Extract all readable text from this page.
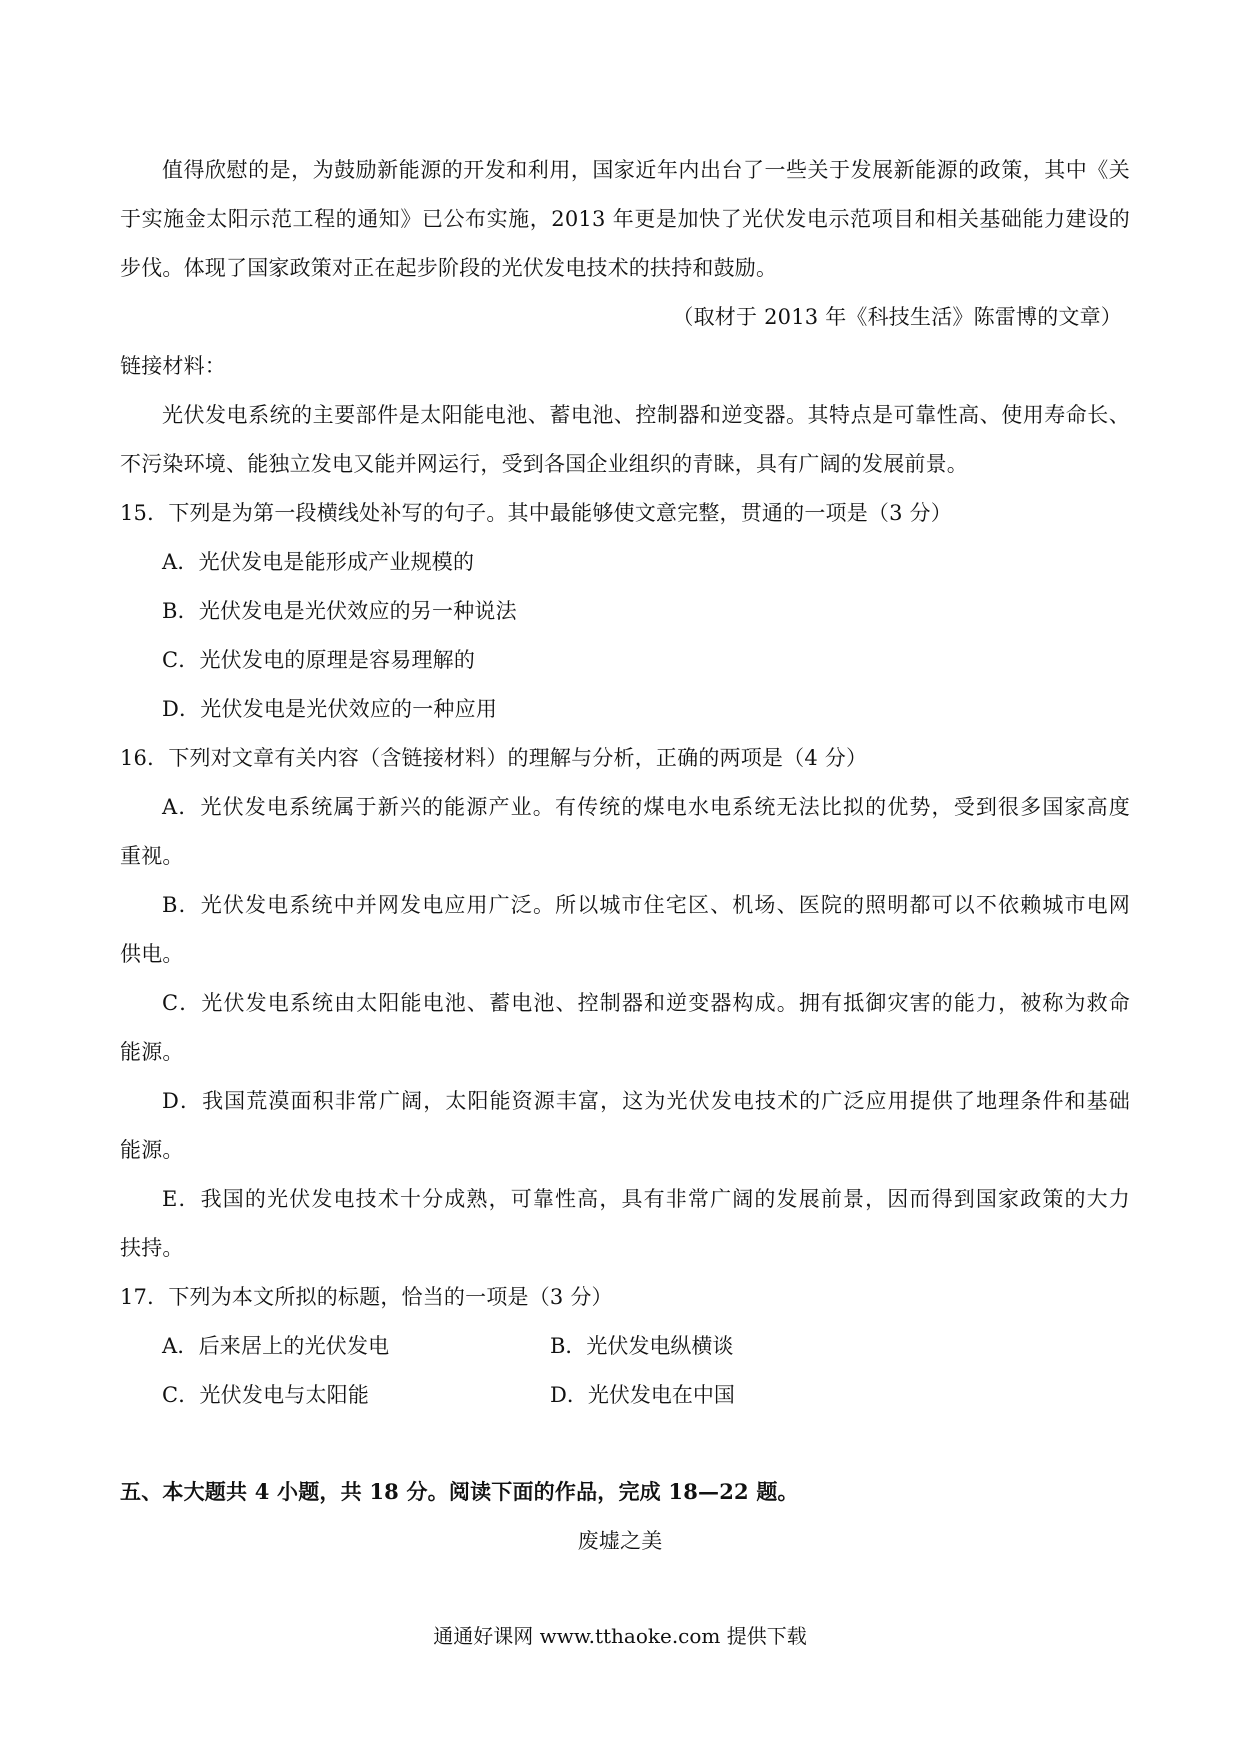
值得欣慰的是，为鼓励新能源的开发和利用，国家近年内出台了一些关于发展新能源的政策，其中《关
于实施金太阳示范工程的通知》已公布实施，2013 年更是加快了光伏发电示范项目和相关基础能力建设的
步伐。体现了国家政策对正在起步阶段的光伏发电技术的扶持和鼓励。
（取材于 2013 年《科技生活》陈雷博的文章）
链接材料：
光伏发电系统的主要部件是太阳能电池、蓄电池、控制器和逆变器。其特点是可靠性高、使用寿命长、
不污染环境、能独立发电又能并网运行，受到各国企业组织的青睐，具有广阔的发展前景。
15．下列是为第一段横线处补写的句子。其中最能够使文意完整，贯通的一项是（3 分）
A．光伏发电是能形成产业规模的
B．光伏发电是光伏效应的另一种说法
C．光伏发电的原理是容易理解的
D．光伏发电是光伏效应的一种应用
16．下列对文章有关内容（含链接材料）的理解与分析，正确的两项是（4 分）
A．光伏发电系统属于新兴的能源产业。有传统的煤电水电系统无法比拟的优势，受到很多国家高度
重视。
B．光伏发电系统中并网发电应用广泛。所以城市住宅区、机场、医院的照明都可以不依赖城市电网
供电。
C．光伏发电系统由太阳能电池、蓄电池、控制器和逆变器构成。拥有抵御灾害的能力，被称为救命
能源。
D．我国荒漠面积非常广阔，太阳能资源丰富，这为光伏发电技术的广泛应用提供了地理条件和基础
能源。
E．我国的光伏发电技术十分成熟，可靠性高，具有非常广阔的发展前景，因而得到国家政策的大力
扶持。
17．下列为本文所拟的标题，恰当的一项是（3 分）
A．后来居上的光伏发电	B．光伏发电纵横谈
C．光伏发电与太阳能	D．光伏发电在中国
五、本大题共 4 小题，共 18 分。阅读下面的作品，完成 18—22 题。
废墟之美
通通好课网 www.tthaoke.com 提供下载
